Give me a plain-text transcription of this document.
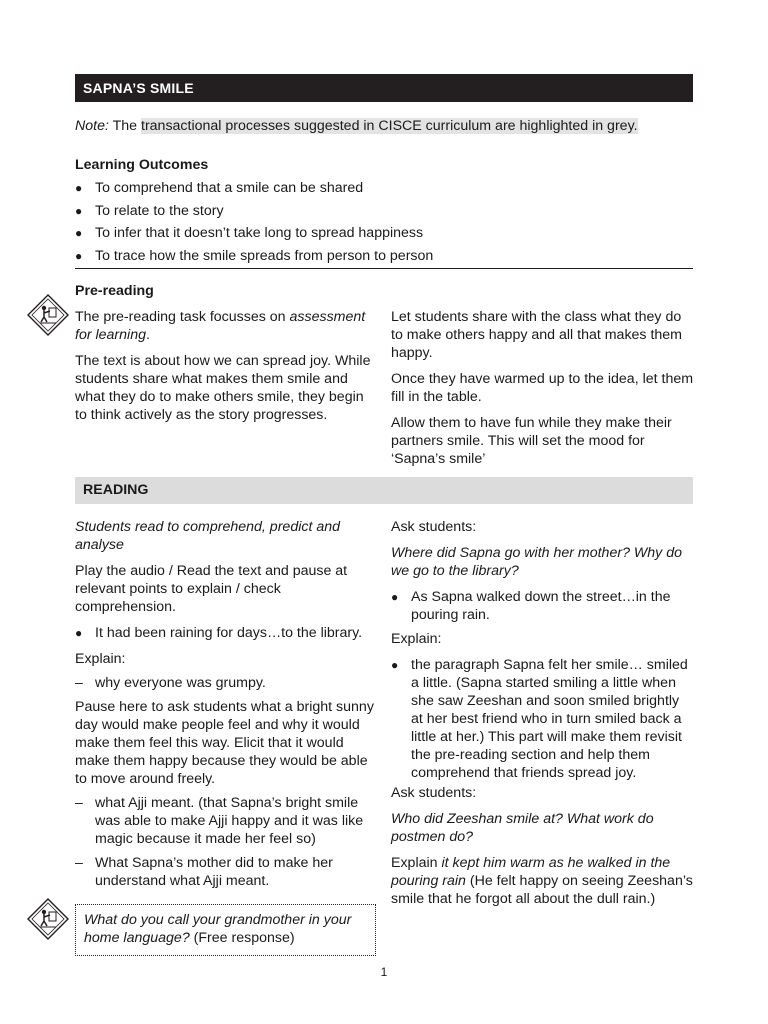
SAPNA’S SMILE
Note: The transactional processes suggested in CISCE curriculum are highlighted in grey.
Learning Outcomes
● To comprehend that a smile can be shared
● To relate to the story
● To infer that it doesn’t take long to spread happiness
● To trace how the smile spreads from person to person
Pre-reading

The pre-reading task focusses on assessment for learning.

The text is about how we can spread joy. While students share what makes them smile and what they do to make others smile, they begin to think actively as the story progresses.

Let students share with the class what they do to make others happy and all that makes them happy.

Once they have warmed up to the idea, let them fill in the table.

Allow them to have fun while they make their partners smile. This will set the mood for ‘Sapna’s smile’

READING

Students read to comprehend, predict and analyse

Play the audio / Read the text and pause at relevant points to explain / check comprehension.

● It had been raining for days…to the library.

Explain:

– why everyone was grumpy.

Pause here to ask students what a bright sunny day would make people feel and why it would make them feel this way. Elicit that it would make them happy because they would be able to move around freely.

– what Ajji meant. (that Sapna’s bright smile was able to make Ajji happy and it was like magic because it made her feel so)

– What Sapna’s mother did to make her understand what Ajji meant.

What do you call your grandmother in your home language? (Free response)

Ask students:

Where did Sapna go with her mother? Why do we go to the library?

● As Sapna walked down the street…in the pouring rain.

Explain:

● the paragraph Sapna felt her smile… smiled a little. (Sapna started smiling a little when she saw Zeeshan and soon smiled brightly at her best friend who in turn smiled back a little at her.) This part will make them revisit the pre-reading section and help them comprehend that friends spread joy.

Ask students:

Who did Zeeshan smile at? What work do postmen do?

Explain it kept him warm as he walked in the pouring rain (He felt happy on seeing Zeeshan’s smile that he forgot all about the dull rain.)

1
